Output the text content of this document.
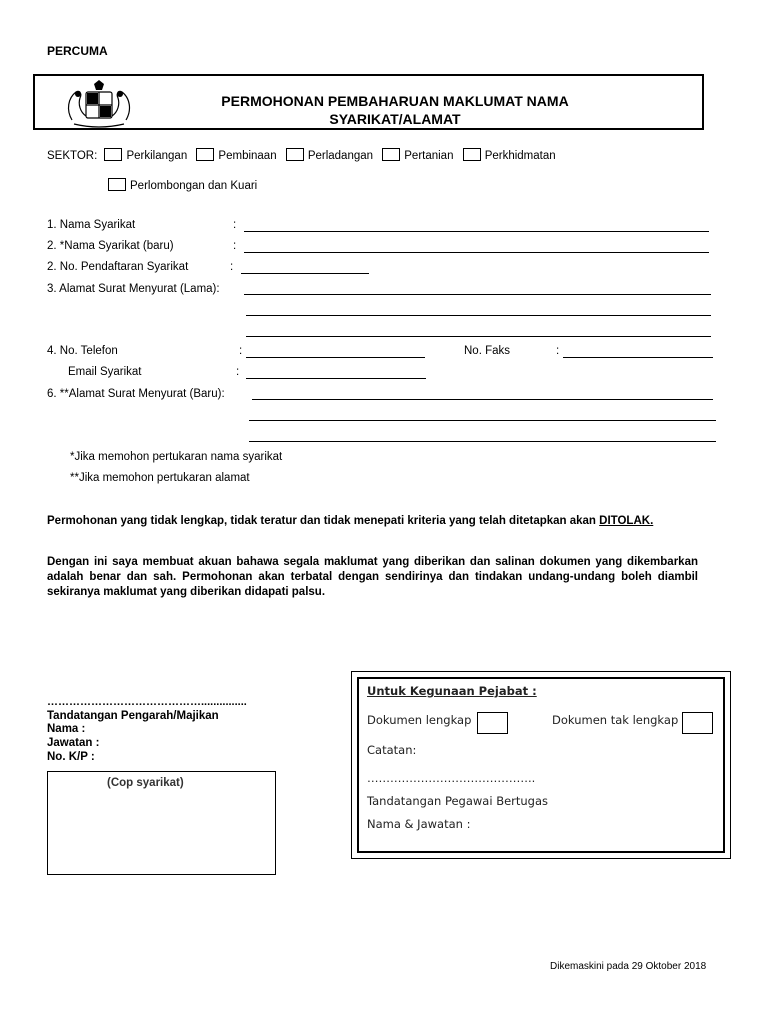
PERCUMA
PERMOHONAN PEMBAHARUAN MAKLUMAT NAMA
SYARIKAT/ALAMAT
SEKTOR:	Perkilangan	Pembinaan	Perladangan	Pertanian	Perkhidmatan
Perlombongan dan Kuari
1. Nama Syarikat	:
2. *Nama Syarikat (baru)	:
2. No. Pendaftaran Syarikat	:
3. Alamat Surat Menyurat (Lama):
4. No. Telefon	:	No. Faks	:
Email Syarikat	:
6. **Alamat Surat Menyurat (Baru):
*Jika memohon pertukaran nama syarikat
**Jika memohon pertukaran alamat
Permohonan yang tidak lengkap, tidak teratur dan tidak menepati kriteria yang telah ditetapkan akan DITOLAK.
Dengan ini saya membuat akuan bahawa segala maklumat yang diberikan dan salinan dokumen yang dikembarkan adalah benar dan sah. Permohonan akan terbatal dengan sendirinya dan tindakan undang-undang boleh diambil sekiranya maklumat yang diberikan didapati palsu.
……………………………………...............
Tandatangan Pengarah/Majikan
Nama :
Jawatan :
No. K/P :
(Cop syarikat)
Untuk Kegunaan Pejabat :
Dokumen lengkap	Dokumen tak lengkap
Catatan:
……………………………………..
Tandatangan Pegawai Bertugas
Nama & Jawatan :
Dikemaskini pada 29 Oktober 2018
